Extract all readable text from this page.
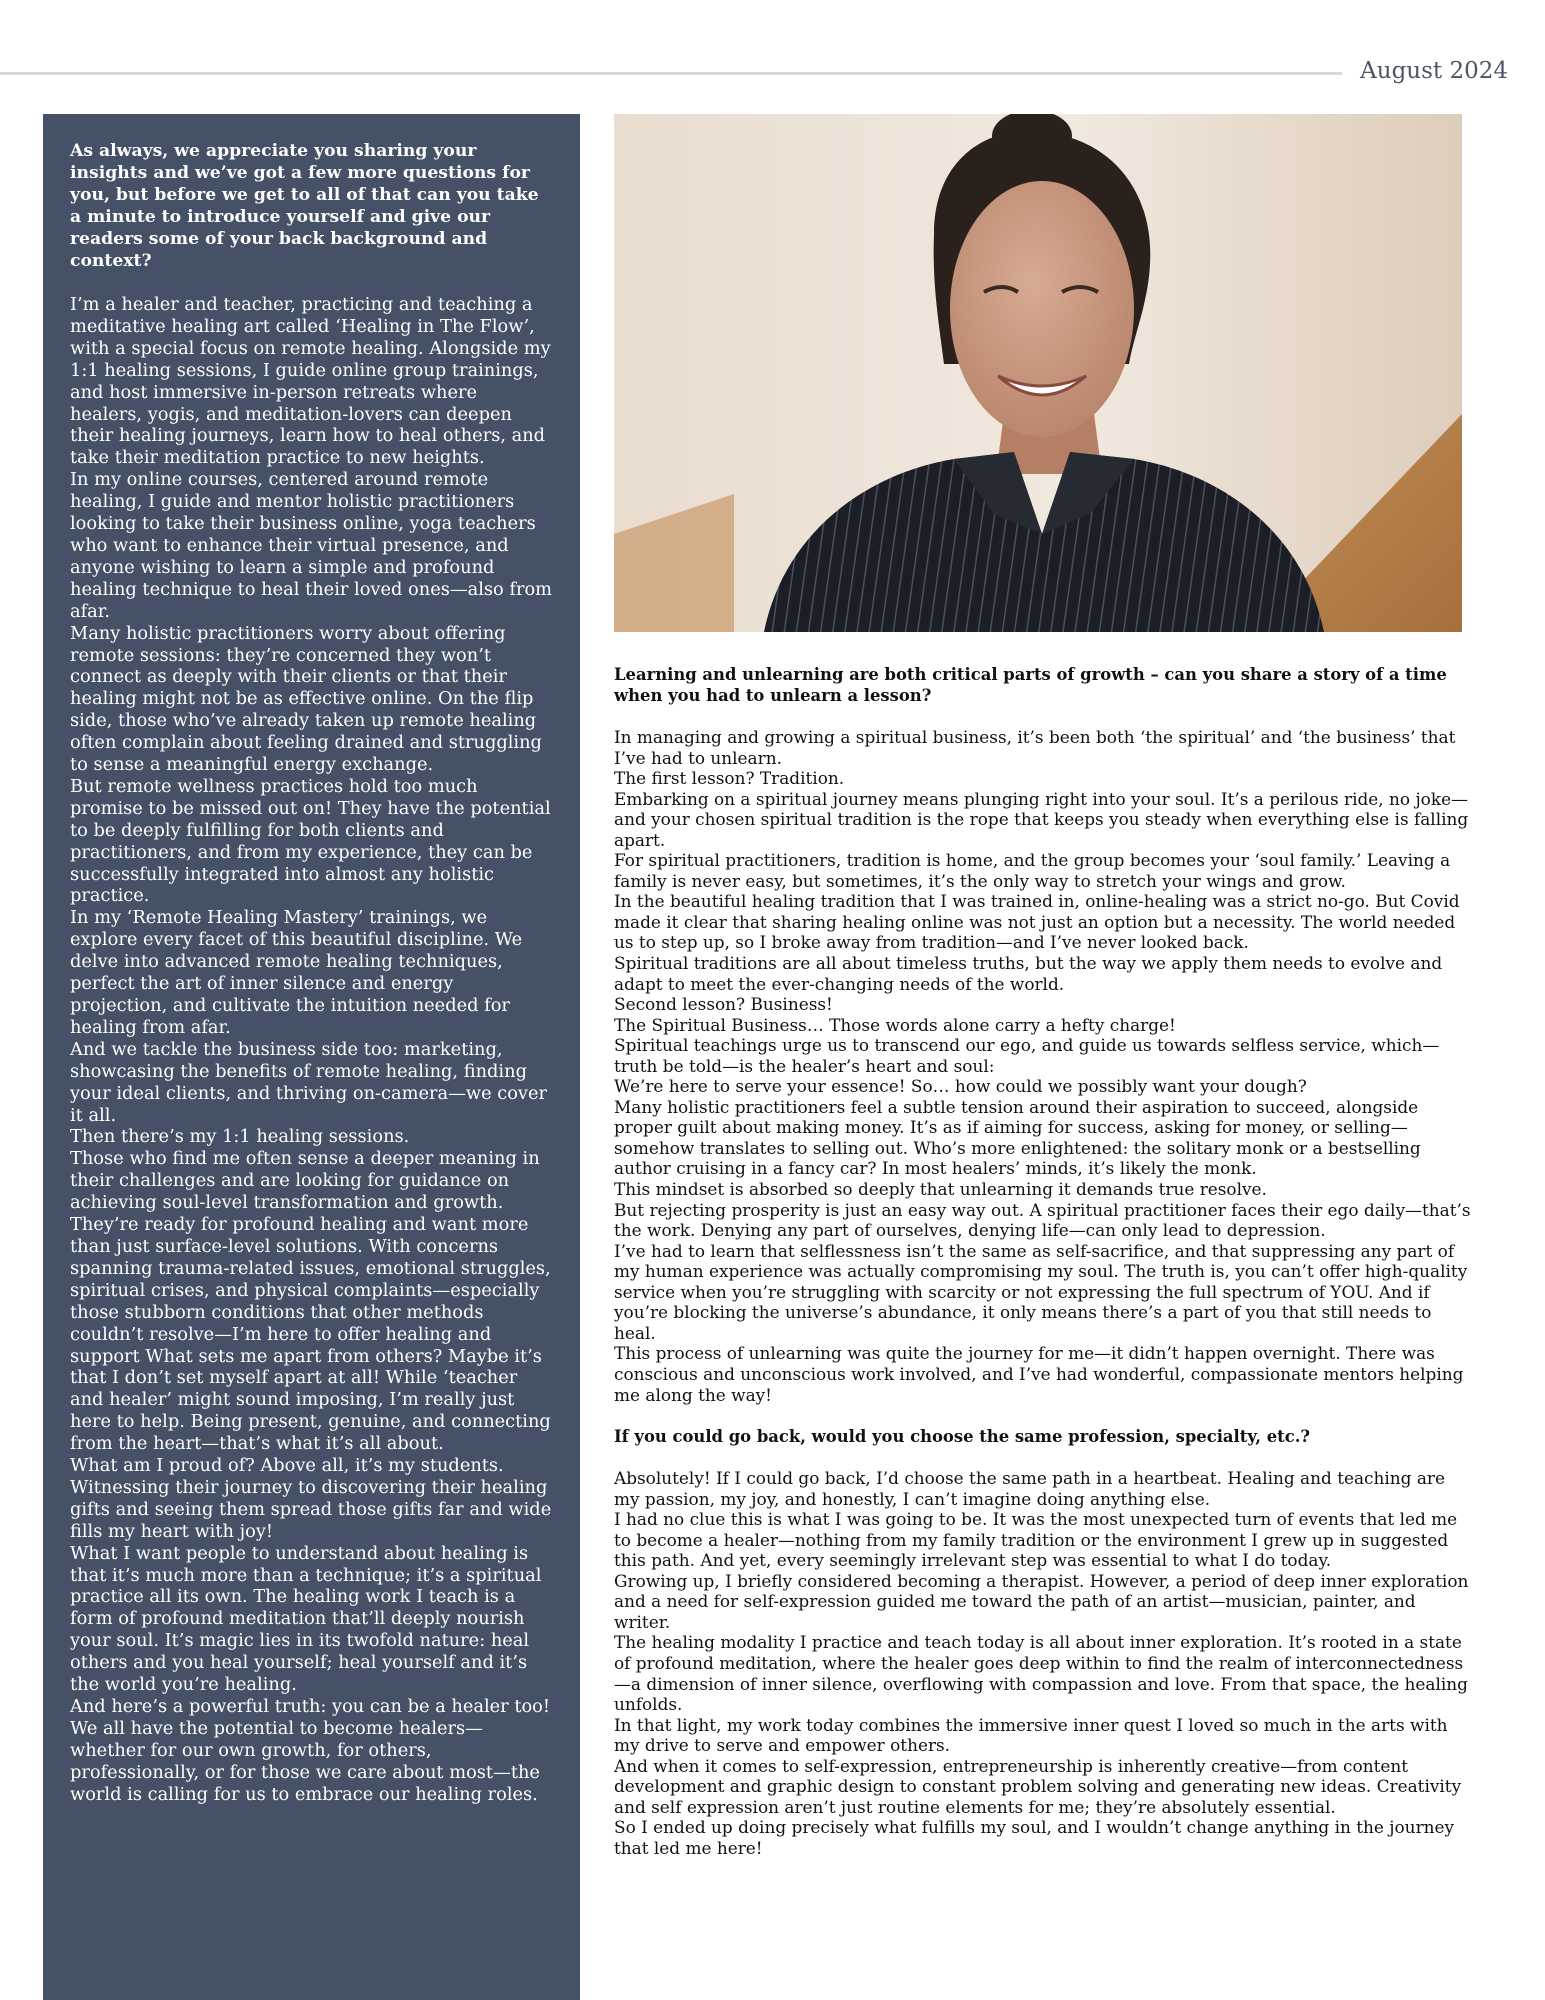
August 2024

As always, we appreciate you sharing your insights and we’ve got a few more questions for you, but before we get to all of that can you take a minute to introduce yourself and give our readers some of your back background and context?

I’m a healer and teacher, practicing and teaching a meditative healing art called ‘Healing in The Flow’, with a special focus on remote healing. Alongside my 1:1 healing sessions, I guide online group trainings, and host immersive in-person retreats where healers, yogis, and meditation-lovers can deepen their healing journeys, learn how to heal others, and take their meditation practice to new heights.

In my online courses, centered around remote healing, I guide and mentor holistic practitioners looking to take their business online, yoga teachers who want to enhance their virtual presence, and anyone wishing to learn a simple and profound healing technique to heal their loved ones—also from afar.

Many holistic practitioners worry about offering remote sessions: they’re concerned they won’t connect as deeply with their clients or that their healing might not be as effective online. On the flip side, those who’ve already taken up remote healing often complain about feeling drained and struggling to sense a meaningful energy exchange.

But remote wellness practices hold too much promise to be missed out on! They have the potential to be deeply fulfilling for both clients and practitioners, and from my experience, they can be successfully integrated into almost any holistic practice.

In my ‘Remote Healing Mastery’ trainings, we explore every facet of this beautiful discipline. We delve into advanced remote healing techniques, perfect the art of inner silence and energy projection, and cultivate the intuition needed for healing from afar.

And we tackle the business side too: marketing, showcasing the benefits of remote healing, finding your ideal clients, and thriving on-camera—we cover it all.

Then there’s my 1:1 healing sessions.

Those who find me often sense a deeper meaning in their challenges and are looking for guidance on achieving soul-level transformation and growth. They’re ready for profound healing and want more than just surface-level solutions. With concerns spanning trauma-related issues, emotional struggles, spiritual crises, and physical complaints—especially those stubborn conditions that other methods couldn’t resolve—I’m here to offer healing and support What sets me apart from others? Maybe it’s that I don’t set myself apart at all! While ‘teacher and healer’ might sound imposing, I’m really just here to help. Being present, genuine, and connecting from the heart—that’s what it’s all about.

What am I proud of? Above all, it’s my students. Witnessing their journey to discovering their healing gifts and seeing them spread those gifts far and wide fills my heart with joy!

What I want people to understand about healing is that it’s much more than a technique; it’s a spiritual practice all its own. The healing work I teach is a form of profound meditation that’ll deeply nourish your soul. It’s magic lies in its twofold nature: heal others and you heal yourself; heal yourself and it’s the world you’re healing.

And here’s a powerful truth: you can be a healer too!

We all have the potential to become healers—whether for our own growth, for others, professionally, or for those we care about most—the world is calling for us to embrace our healing roles.

Learning and unlearning are both critical parts of growth – can you share a story of a time when you had to unlearn a lesson?

In managing and growing a spiritual business, it’s been both ‘the spiritual’ and ‘the business’ that I’ve had to unlearn.

The first lesson? Tradition.

Embarking on a spiritual journey means plunging right into your soul. It’s a perilous ride, no joke—and your chosen spiritual tradition is the rope that keeps you steady when everything else is falling apart.

For spiritual practitioners, tradition is home, and the group becomes your ‘soul family.’ Leaving a family is never easy, but sometimes, it’s the only way to stretch your wings and grow.

In the beautiful healing tradition that I was trained in, online-healing was a strict no-go. But Covid made it clear that sharing healing online was not just an option but a necessity. The world needed us to step up, so I broke away from tradition—and I’ve never looked back.

Spiritual traditions are all about timeless truths, but the way we apply them needs to evolve and adapt to meet the ever-changing needs of the world.

Second lesson? Business!

The Spiritual Business… Those words alone carry a hefty charge!

Spiritual teachings urge us to transcend our ego, and guide us towards selfless service, which—truth be told—is the healer’s heart and soul:

We’re here to serve your essence! So… how could we possibly want your dough?

Many holistic practitioners feel a subtle tension around their aspiration to succeed, alongside proper guilt about making money. It’s as if aiming for success, asking for money, or selling—somehow translates to selling out. Who’s more enlightened: the solitary monk or a bestselling author cruising in a fancy car? In most healers’ minds, it’s likely the monk.

This mindset is absorbed so deeply that unlearning it demands true resolve.

But rejecting prosperity is just an easy way out. A spiritual practitioner faces their ego daily—that’s the work. Denying any part of ourselves, denying life—can only lead to depression.

I’ve had to learn that selflessness isn’t the same as self-sacrifice, and that suppressing any part of my human experience was actually compromising my soul. The truth is, you can’t offer high-quality service when you’re struggling with scarcity or not expressing the full spectrum of YOU. And if you’re blocking the universe’s abundance, it only means there’s a part of you that still needs to heal.

This process of unlearning was quite the journey for me—it didn’t happen overnight. There was conscious and unconscious work involved, and I’ve had wonderful, compassionate mentors helping me along the way!

If you could go back, would you choose the same profession, specialty, etc.?

Absolutely! If I could go back, I’d choose the same path in a heartbeat. Healing and teaching are my passion, my joy, and honestly, I can’t imagine doing anything else.

I had no clue this is what I was going to be. It was the most unexpected turn of events that led me to become a healer—nothing from my family tradition or the environment I grew up in suggested this path. And yet, every seemingly irrelevant step was essential to what I do today.

Growing up, I briefly considered becoming a therapist. However, a period of deep inner exploration and a need for self-expression guided me toward the path of an artist—musician, painter, and writer.

The healing modality I practice and teach today is all about inner exploration. It’s rooted in a state of profound meditation, where the healer goes deep within to find the realm of interconnectedness—a dimension of inner silence, overflowing with compassion and love. From that space, the healing unfolds.

In that light, my work today combines the immersive inner quest I loved so much in the arts with my drive to serve and empower others.

And when it comes to self-expression, entrepreneurship is inherently creative—from content development and graphic design to constant problem solving and generating new ideas. Creativity and self expression aren’t just routine elements for me; they’re absolutely essential.

So I ended up doing precisely what fulfills my soul, and I wouldn’t change anything in the journey that led me here!
